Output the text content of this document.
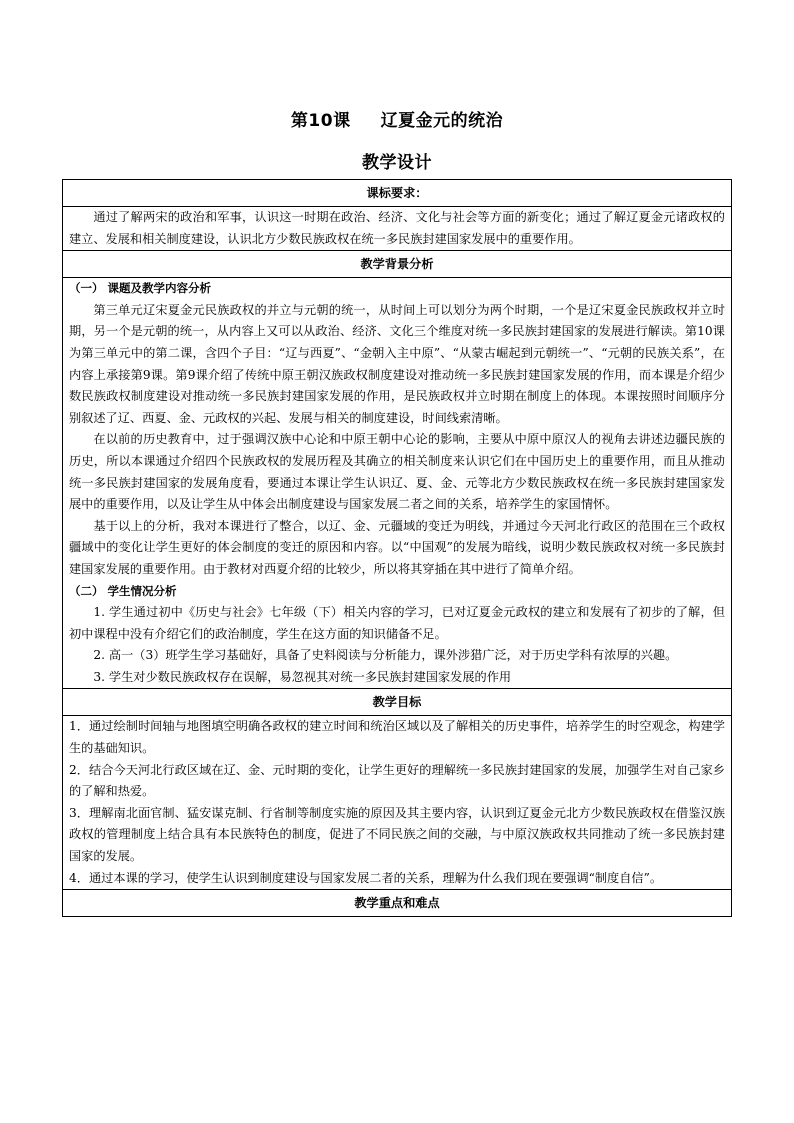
第10课 辽夏金元的统治
教学设计
课标要求：

通过了解两宋的政治和军事，认识这一时期在政治、经济、文化与社会等方面的新变化；通过了解辽夏金元诸政权的建立、发展和相关制度建设，认识北方少数民族政权在统一多民族封建国家发展中的重要作用。

教学背景分析

（一） 课题及教学内容分析

第三单元辽宋夏金元民族政权的并立与元朝的统一，从时间上可以划分为两个时期，一个是辽宋夏金民族政权并立时期，另一个是元朝的统一，从内容上又可以从政治、经济、文化三个维度对统一多民族封建国家的发展进行解读。第10课为第三单元中的第二课，含四个子目：“辽与西夏”、“金朝入主中原”、“从蒙古崛起到元朝统一”、“元朝的民族关系”，在内容上承接第9课。第9课介绍了传统中原王朝汉族政权制度建设对推动统一多民族封建国家发展的作用，而本课是介绍少数民族政权制度建设对推动统一多民族封建国家发展的作用，是民族政权并立时期在制度上的体现。本课按照时间顺序分别叙述了辽、西夏、金、元政权的兴起、发展与相关的制度建设，时间线索清晰。

在以前的历史教育中，过于强调汉族中心论和中原王朝中心论的影响，主要从中原中原汉人的视角去讲述边疆民族的历史，所以本课通过介绍四个民族政权的发展历程及其确立的相关制度来认识它们在中国历史上的重要作用，而且从推动统一多民族封建国家的发展角度看，要通过本课让学生认识辽、夏、金、元等北方少数民族政权在统一多民族封建国家发展中的重要作用，以及让学生从中体会出制度建设与国家发展二者之间的关系，培养学生的家国情怀。

基于以上的分析，我对本课进行了整合，以辽、金、元疆域的变迁为明线，并通过今天河北行政区的范围在三个政权疆域中的变化让学生更好的体会制度的变迁的原因和内容。以“中国观”的发展为暗线，说明少数民族政权对统一多民族封建国家发展的重要作用。由于教材对西夏介绍的比较少，所以将其穿插在其中进行了简单介绍。

（二） 学生情况分析

1. 学生通过初中《历史与社会》七年级（下）相关内容的学习，已对辽夏金元政权的建立和发展有了初步的了解，但初中课程中没有介绍它们的政治制度，学生在这方面的知识储备不足。

2. 高一（3）班学生学习基础好，具备了史料阅读与分析能力，课外涉猎广泛，对于历史学科有浓厚的兴趣。

3. 学生对少数民族政权存在误解，易忽视其对统一多民族封建国家发展的作用

教学目标

1．通过绘制时间轴与地图填空明确各政权的建立时间和统治区域以及了解相关的历史事件，培养学生的时空观念，构建学生的基础知识。

2．结合今天河北行政区域在辽、金、元时期的变化，让学生更好的理解统一多民族封建国家的发展，加强学生对自己家乡的了解和热爱。

3．理解南北面官制、猛安谋克制、行省制等制度实施的原因及其主要内容，认识到辽夏金元北方少数民族政权在借鉴汉族政权的管理制度上结合具有本民族特色的制度，促进了不同民族之间的交融，与中原汉族政权共同推动了统一多民族封建国家的发展。

4．通过本课的学习，使学生认识到制度建设与国家发展二者的关系，理解为什么我们现在要强调“制度自信”。

教学重点和难点
